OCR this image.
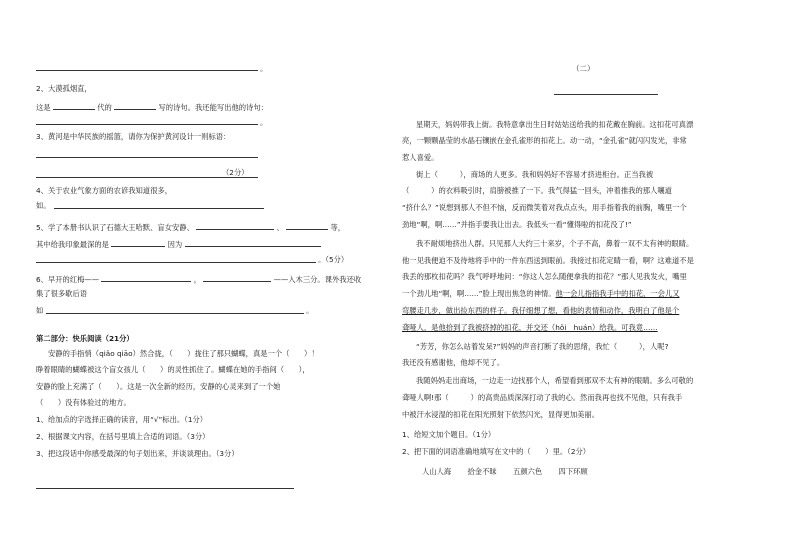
。
2、大漠孤烟直，
这是	代的	写的诗句。我还能写出他的诗句：
。
3、黄河是中华民族的摇篮，请你为保护黄河设计一则标语：
（2分）
4、关于农业气象方面的农谚我知道很多，
如。
5、学了本册书认识了石德大王哈默、盲女安静、	、	等，
其中给我印象最深的是	因为
。（5分）
6、早开的红梅——	，	——入木三分。课外我还收
集了很多歇后语
如	。
第二部分：快乐阅读（21分）
安静的手指悄（qiǎo qiāo）然合拢，（　　）拢住了那只蝴蝶，真是一个（　　）！
睁着眼睛的蝴蝶被这个盲女孩儿（　　）的灵性抓住了。蝴蝶在她的手指间（　　），
安静的脸上充满了（　　）。这是一次全新的经历，安静的心灵来到了一个她
（　　）没有体验过的地方。
1、给加点的字选择正确的读音，用“√”标出。（1分）
2、根据课文内容，在括号里填上合适的词语。（3分）
3、把这段话中你感受最深的句子划出来，并谈谈理由。（3分）
（二）
星期天，妈妈带我上街。我特意拿出生日时姑姑送给我的扣花戴在胸前。这扣花可真漂
亮，一颗颗晶莹的水晶石镶嵌在金孔雀形的扣花上。动一动，“金孔雀”就闪闪发光，非常
惹人喜爱。
街上（　　　），商场的人更多。我和妈妈好不容易才挤进柜台。正当我被
（　　　）的衣料吸引时，肩膀被推了一下。我气得猛一回头，冲着推我的那人嚷道
“挤什么？”说想到那人不但不恼，反而微笑着对我点点头，用手指着我的前胸，嘴里一个
劲地“啊，啊……”并指手要我让出去。我低头一看“懂得啦的扣花没了!”
我不耐烦地挤出人群。只见那人大约三十来岁，个子不高，鼻着一双不太有神的眼睛。
他一见我便迫不及待地将手中的一件东西送到眼前。我接过扣花定睛一看，啊？这难道不是
我丢的那枚扣花吗？我气呼呼地问：“你这人怎么随便拿我的扣花？”那人见我发火，嘴里
一个劲儿地“啊，啊……”脸上现出焦急的神情。他一会儿指指我手中的扣花，一会儿又
弯腰走几步，做出捡东西的样子。我仔细想了想，看他的表情和动作，我明白了他是个
聋哑人，是他拾到了我被挤掉的扣花，并交还（hǒi　huán）给我。可我竟……
“芳芳，你怎么站着发呆?”妈妈的声音打断了我的思绪，我忙（　　　），人呢?
我还没有感谢他，他却不见了。
我随妈妈走出商场，一边走一边找那个人，希望看到那双不太有神的眼睛。多么可敬的
聋哑人啊!那（　　　）的高贵品质深深打动了我的心。然而我再也找不见他，只有我手
中被汗水浸湿的扣花在阳光照射下依然闪光，显得更加美丽。
1、给短文加个题目。（1分）
2、把下面的词语准确地填写在文中的（　　）里。（2分）
人山人海 拾金不昧 五颜六色 四下环顾
